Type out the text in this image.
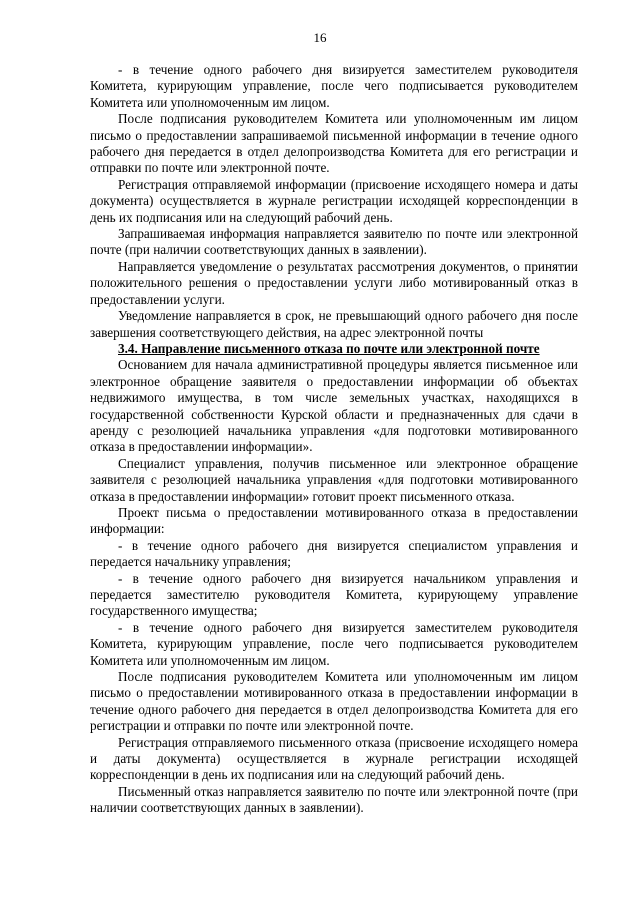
16

- в течение одного рабочего дня визируется заместителем руководителя Комитета, курирующим управление, после чего подписывается руководителем Комитета или уполномоченным им лицом.

После подписания руководителем Комитета или уполномоченным им лицом письмо о предоставлении запрашиваемой письменной информации в течение одного рабочего дня передается в отдел делопроизводства Комитета для его регистрации и отправки по почте или электронной почте.

Регистрация отправляемой информации (присвоение исходящего номера и даты документа) осуществляется в журнале регистрации исходящей корреспонденции в день их подписания или на следующий рабочий день.

Запрашиваемая информация направляется заявителю по почте или электронной почте (при наличии соответствующих данных в заявлении).

Направляется уведомление о результатах рассмотрения документов, о принятии положительного решения о предоставлении услуги либо мотивированный отказ в предоставлении услуги.

Уведомление направляется в срок, не превышающий одного рабочего дня после завершения соответствующего действия, на адрес электронной почты

3.4. Направление письменного отказа по почте или электронной почте

Основанием для начала административной процедуры является письменное или электронное обращение заявителя о предоставлении информации об объектах недвижимого имущества, в том числе земельных участках, находящихся в государственной собственности Курской области и предназначенных для сдачи в аренду с резолюцией начальника управления «для подготовки мотивированного отказа в предоставлении информации».

Специалист управления, получив письменное или электронное обращение заявителя с резолюцией начальника управления «для подготовки мотивированного отказа в предоставлении информации» готовит проект письменного отказа.

Проект письма о предоставлении мотивированного отказа в предоставлении информации:

- в течение одного рабочего дня визируется специалистом управления и передается начальнику управления;

- в течение одного рабочего дня визируется начальником управления и передается заместителю руководителя Комитета, курирующему управление государственного имущества;

- в течение одного рабочего дня визируется заместителем руководителя Комитета, курирующим управление, после чего подписывается руководителем Комитета или уполномоченным им лицом.

После подписания руководителем Комитета или уполномоченным им лицом письмо о предоставлении мотивированного отказа в предоставлении информации в течение одного рабочего дня передается в отдел делопроизводства Комитета для его регистрации и отправки по почте или электронной почте.

Регистрация отправляемого письменного отказа (присвоение исходящего номера и даты документа) осуществляется в журнале регистрации исходящей корреспонденции в день их подписания или на следующий рабочий день.

Письменный отказ направляется заявителю по почте или электронной почте (при наличии соответствующих данных в заявлении).
